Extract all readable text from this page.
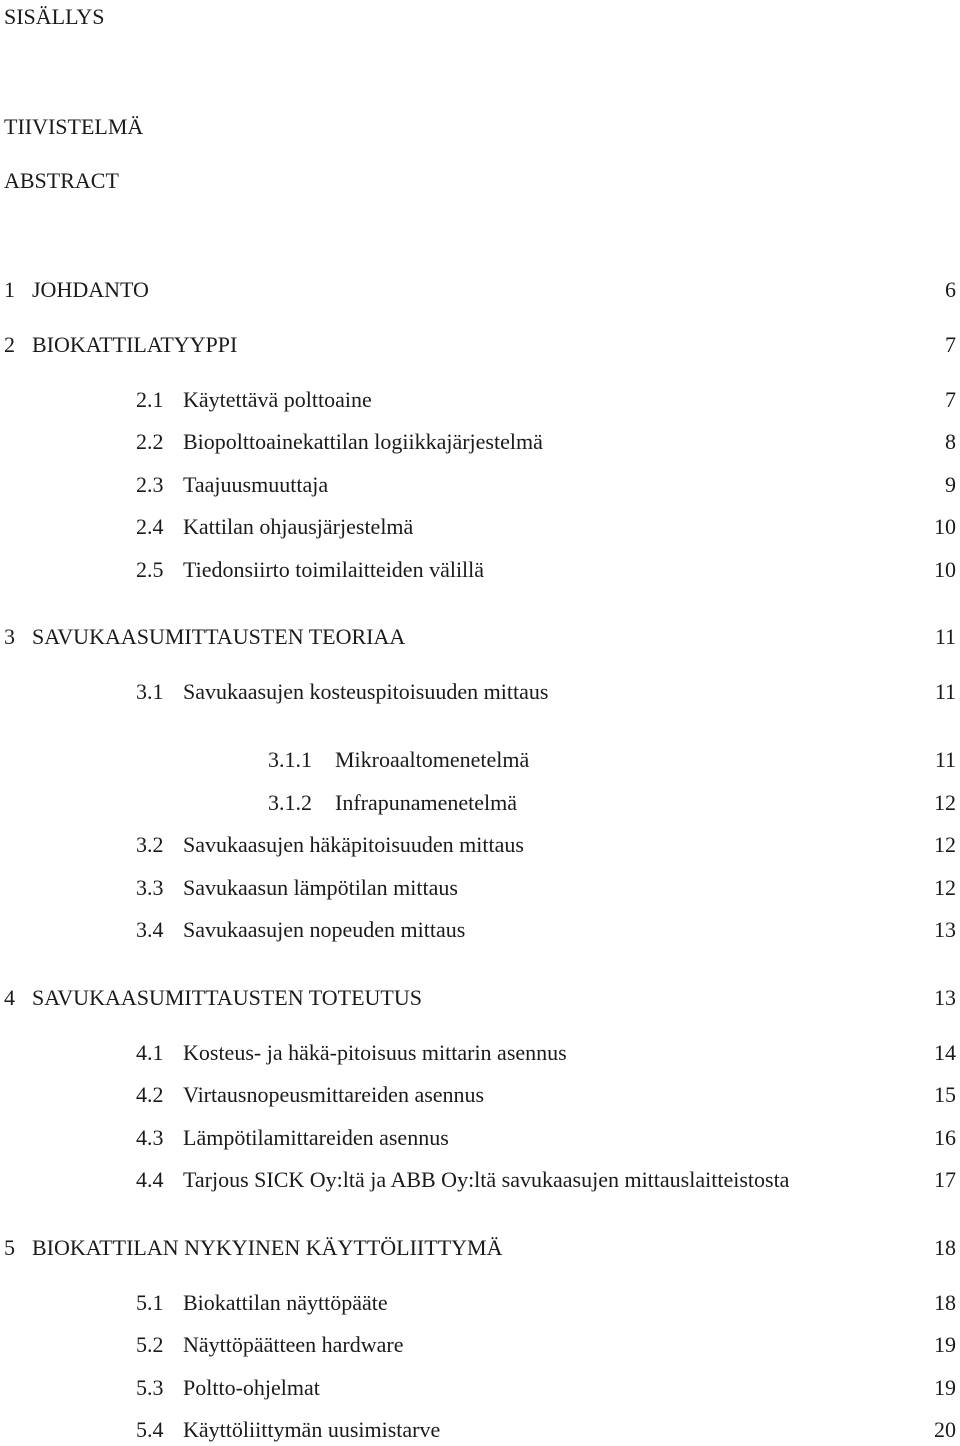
SISÄLLYS
TIIVISTELMÄ
ABSTRACT
1 JOHDANTO	6
2 BIOKATTILATYYPPI	7
2.1 Käytettävä polttoaine	7
2.2 Biopolttoainekattilan logiikkajärjestelmä	8
2.3 Taajuusmuuttaja	9
2.4 Kattilan ohjausjärjestelmä	10
2.5 Tiedonsiirto toimilaitteiden välillä	10
3 SAVUKAASUMITTAUSTEN TEORIAA	11
3.1 Savukaasujen kosteuspitoisuuden mittaus	11
3.1.1 Mikroaaltomenetelmä	11
3.1.2 Infrapunamenetelmä	12
3.2 Savukaasujen häkäpitoisuuden mittaus	12
3.3 Savukaasun lämpötilan mittaus	12
3.4 Savukaasujen nopeuden mittaus	13
4 SAVUKAASUMITTAUSTEN TOTEUTUS	13
4.1 Kosteus- ja häkä-pitoisuus mittarin asennus	14
4.2 Virtausnopeusmittareiden asennus	15
4.3 Lämpötilamittareiden asennus	16
4.4 Tarjous SICK Oy:ltä ja ABB Oy:ltä savukaasujen mittauslaitteistosta	17
5 BIOKATTILAN NYKYINEN KÄYTTÖLIITTYMÄ	18
5.1 Biokattilan näyttöpääte	18
5.2 Näyttöpäätteen hardware	19
5.3 Poltto-ohjelmat	19
5.4 Käyttöliittymän uusimistarve	20
